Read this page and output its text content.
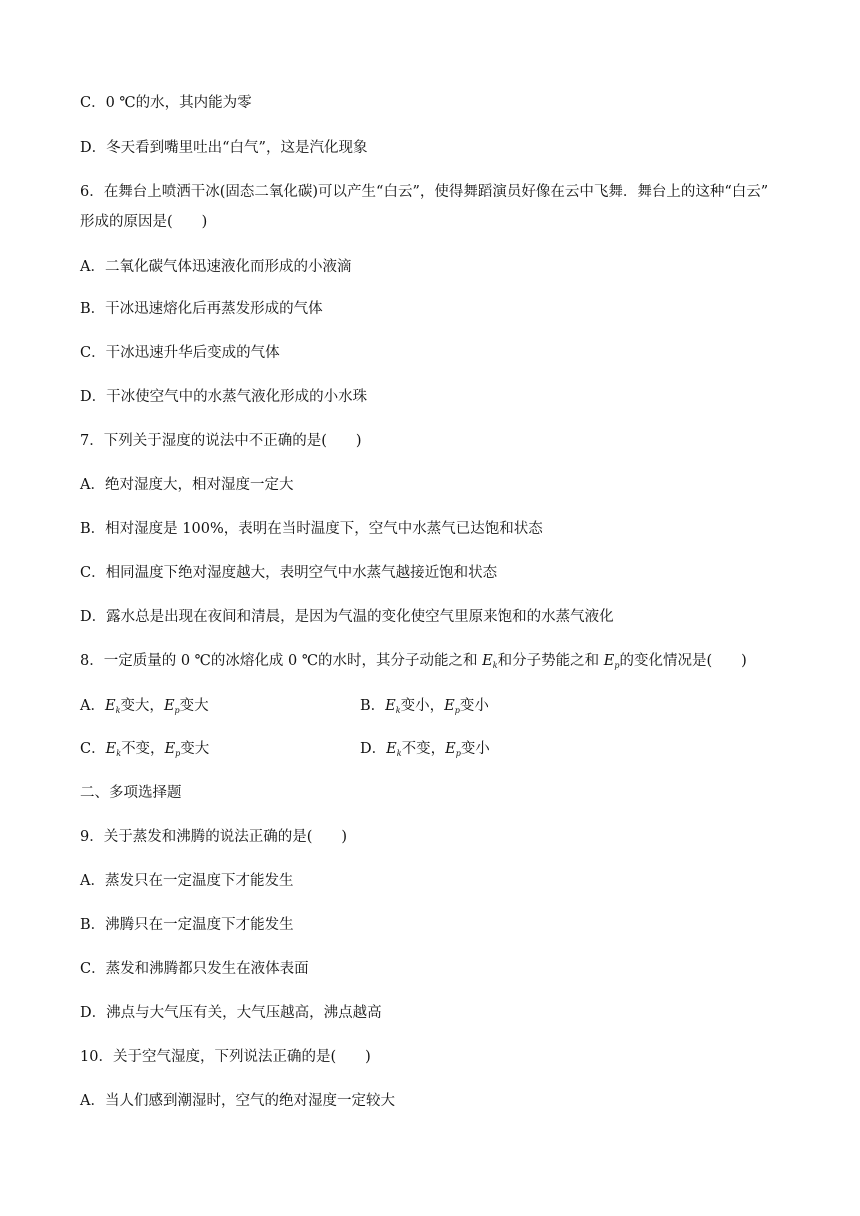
C．0 ℃的水，其内能为零
D．冬天看到嘴里吐出“白气”，这是汽化现象
6．在舞台上喷洒干冰(固态二氧化碳)可以产生“白云”，使得舞蹈演员好像在云中飞舞．舞台上的这种“白云”
形成的原因是(　　)
A．二氧化碳气体迅速液化而形成的小液滴
B．干冰迅速熔化后再蒸发形成的气体
C．干冰迅速升华后变成的气体
D．干冰使空气中的水蒸气液化形成的小水珠
7．下列关于湿度的说法中不正确的是(　　)
A．绝对湿度大，相对湿度一定大
B．相对湿度是 100%，表明在当时温度下，空气中水蒸气已达饱和状态
C．相同温度下绝对湿度越大，表明空气中水蒸气越接近饱和状态
D．露水总是出现在夜间和清晨，是因为气温的变化使空气里原来饱和的水蒸气液化
8．一定质量的 0 ℃的冰熔化成 0 ℃的水时，其分子动能之和 $E_k$和分子势能之和 $E_p$的变化情况是(　　)
A．$E_k$变大，$E_p$变大	B．$E_k$变小，$E_p$变小
C．$E_k$不变，$E_p$变大	D．$E_k$不变，$E_p$变小
二、多项选择题
9．关于蒸发和沸腾的说法正确的是(　　)
A．蒸发只在一定温度下才能发生
B．沸腾只在一定温度下才能发生
C．蒸发和沸腾都只发生在液体表面
D．沸点与大气压有关，大气压越高，沸点越高
10．关于空气湿度，下列说法正确的是(　　)
A．当人们感到潮湿时，空气的绝对湿度一定较大
